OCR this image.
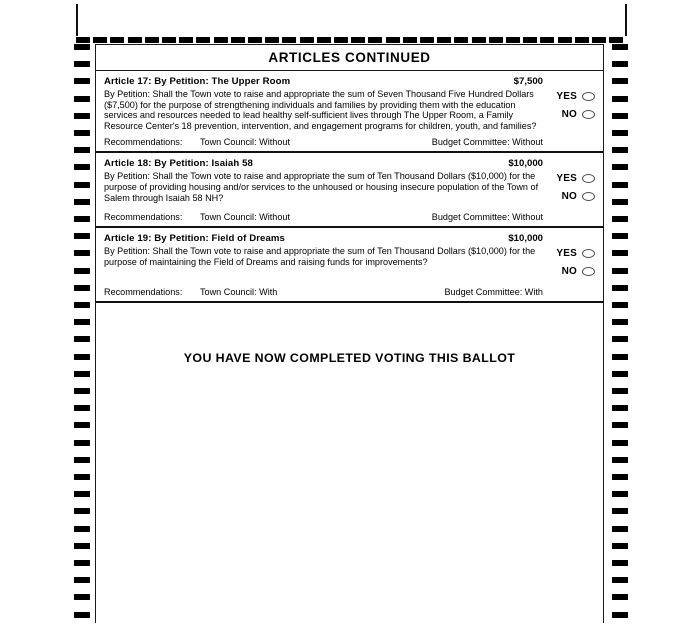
ARTICLES CONTINUED
Article 17: By Petition: The Upper Room	$7,500
By Petition: Shall the Town vote to raise and appropriate the sum of Seven Thousand Five Hundred Dollars ($7,500) for the purpose of strengthening individuals and families by providing them with the education services and resources needed to lead healthy self-sufficient lives through The Upper Room, a Family Resource Center's 18 prevention, intervention, and engagement programs for children, youth, and families?
YES
NO
Recommendations:	Town Council: Without	Budget Committee: Without
Article 18: By Petition: Isaiah 58	$10,000
By Petition: Shall the Town vote to raise and appropriate the sum of Ten Thousand Dollars ($10,000) for the purpose of providing housing and/or services to the unhoused or housing insecure population of the Town of Salem through Isaiah 58 NH?
YES
NO
Recommendations:	Town Council: Without	Budget Committee: Without
Article 19: By Petition: Field of Dreams	$10,000
By Petition: Shall the Town vote to raise and appropriate the sum of Ten Thousand Dollars ($10,000) for the purpose of maintaining the Field of Dreams and raising funds for improvements?
YES
NO
Recommendations:	Town Council: With	Budget Committee: With
YOU HAVE NOW COMPLETED VOTING THIS BALLOT
